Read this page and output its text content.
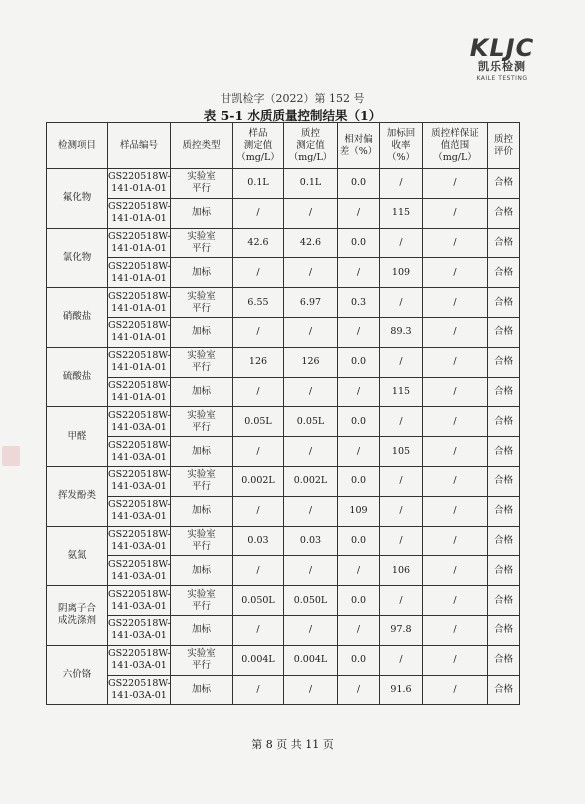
KLJC
凯乐检测
KAILE TESTING
甘凯检字（2022）第 152 号
表 5-1 水质质量控制结果（1）
检测项目	样品编号	质控类型	样品
测定值
（mg/L）	质控
测定值
（mg/L）	相对偏
差（%）	加标回
收率
（%）	质控样保证
值范围
（mg/L）	质控
评价
氟化物	GS220518W-
141-01A-01	实验室
平行	0.1L	0.1L	0.0	/	/	合格
	GS220518W-
141-01A-01	加标	/	/	/	115	/	合格
氯化物	GS220518W-
141-01A-01	实验室
平行	42.6	42.6	0.0	/	/	合格
	GS220518W-
141-01A-01	加标	/	/	/	109	/	合格
硝酸盐	GS220518W-
141-01A-01	实验室
平行	6.55	6.97	0.3	/	/	合格
	GS220518W-
141-01A-01	加标	/	/	/	89.3	/	合格
硫酸盐	GS220518W-
141-01A-01	实验室
平行	126	126	0.0	/	/	合格
	GS220518W-
141-01A-01	加标	/	/	/	115	/	合格
甲醛	GS220518W-
141-03A-01	实验室
平行	0.05L	0.05L	0.0	/	/	合格
	GS220518W-
141-03A-01	加标	/	/	/	105	/	合格
挥发酚类	GS220518W-
141-03A-01	实验室
平行	0.002L	0.002L	0.0	/	/	合格
	GS220518W-
141-03A-01	加标	/	/	109	/	/	合格
氨氮	GS220518W-
141-03A-01	实验室
平行	0.03	0.03	0.0	/	/	合格
	GS220518W-
141-03A-01	加标	/	/	/	106	/	合格
阴离子合
成洗涤剂	GS220518W-
141-03A-01	实验室
平行	0.050L	0.050L	0.0	/	/	合格
	GS220518W-
141-03A-01	加标	/	/	/	97.8	/	合格
六价铬	GS220518W-
141-03A-01	实验室
平行	0.004L	0.004L	0.0	/	/	合格
	GS220518W-
141-03A-01	加标	/	/	/	91.6	/	合格
第 8 页 共 11 页
